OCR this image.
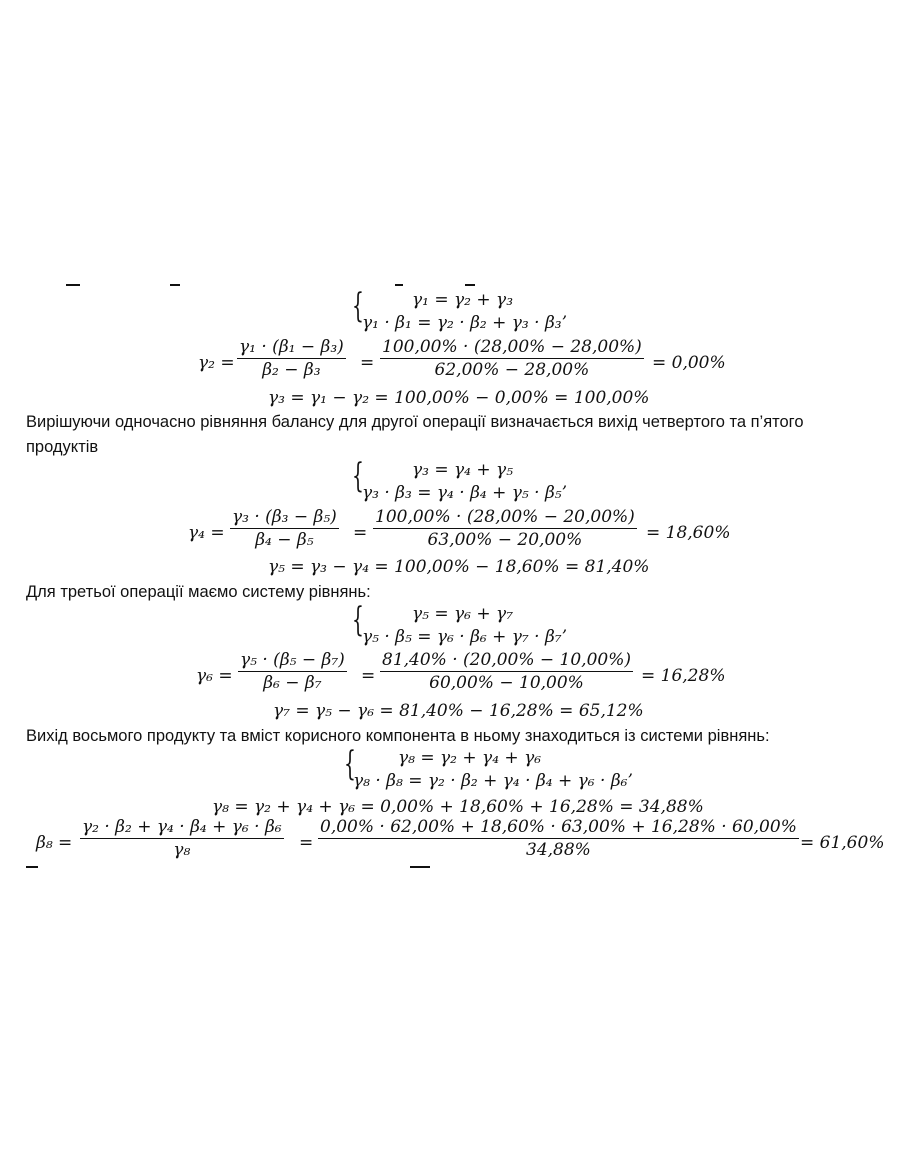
{	γ₁ = γ₂ + γ₃
γ₁ · β₁ = γ₂ · β₂ + γ₃ · β₃’
γ₂ =
γ₁ · (β₁ − β₃)
β₂ − β₃ =
100,00% · (28,00% − 28,00%)
62,00% − 28,00%	= 0,00%
γ₃ = γ₁ − γ₂ = 100,00% − 0,00% = 100,00%
Вирішуючи одночасно рівняння балансу для другої операції визначається вихід четвертого та п’ятого
продуктів
{	γ₃ = γ₄ + γ₅
γ₃ · β₃ = γ₄ · β₄ + γ₅ · β₅’
γ₄ =
γ₃ · (β₃ − β₅)
β₄ − β₅ =
100,00% · (28,00% − 20,00%)
63,00% − 20,00%	= 18,60%
γ₅ = γ₃ − γ₄ = 100,00% − 18,60% = 81,40%
Для третьої операції маємо систему рівнянь:
{	γ₅ = γ₆ + γ₇
γ₅ · β₅ = γ₆ · β₆ + γ₇ · β₇’
γ₆ =
γ₅ · (β₅ − β₇)
β₆ − β₇ =
81,40% · (20,00% − 10,00%)
60,00% − 10,00%	= 16,28%
γ₇ = γ₅ − γ₆ = 81,40% − 16,28% = 65,12%
Вихід восьмого продукту та вміст корисного компонента в ньому знаходиться із системи рівнянь:
{ γ₈ = γ₂ + γ₄ + γ₆
γ₈ · β₈ = γ₂ · β₂ + γ₄ · β₄ + γ₆ · β₆’
γ₈ = γ₂ + γ₄ + γ₆ = 0,00% + 18,60% + 16,28% = 34,88%
β₈ =
γ₂ · β₂ + γ₄ · β₄ + γ₆ · β₆
γ₈	=
0,00% · 62,00% + 18,60% · 63,00% + 16,28% · 60,00%
34,88%	= 61,60%
